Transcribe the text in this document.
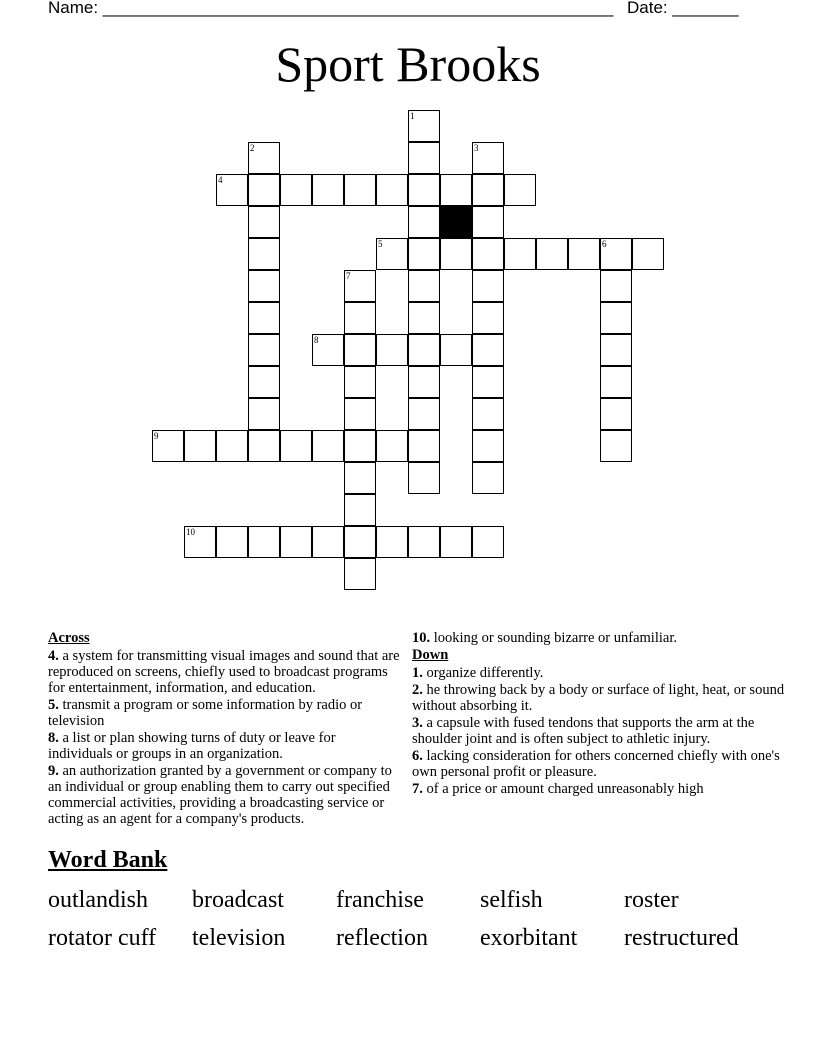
Name: ______________________________________________________ Date: _______
Sport Brooks
1
2	3
4
5	6
7
8
9
10
Across
4. a system for transmitting visual images and sound that are reproduced on screens, chiefly used to broadcast programs for entertainment, information, and education.
5. transmit a program or some information by radio or television
8. a list or plan showing turns of duty or leave for individuals or groups in an organization.
9. an authorization granted by a government or company to an individual or group enabling them to carry out specified commercial activities, providing a broadcasting service or acting as an agent for a company's products.
10. looking or sounding bizarre or unfamiliar.
Down
1. organize differently.
2. he throwing back by a body or surface of light, heat, or sound without absorbing it.
3. a capsule with fused tendons that supports the arm at the shoulder joint and is often subject to athletic injury.
6. lacking consideration for others concerned chiefly with one's own personal profit or pleasure.
7. of a price or amount charged unreasonably high
Word Bank
outlandish broadcast franchise selfish	roster
rotator cuff television reflection exorbitant restructured
